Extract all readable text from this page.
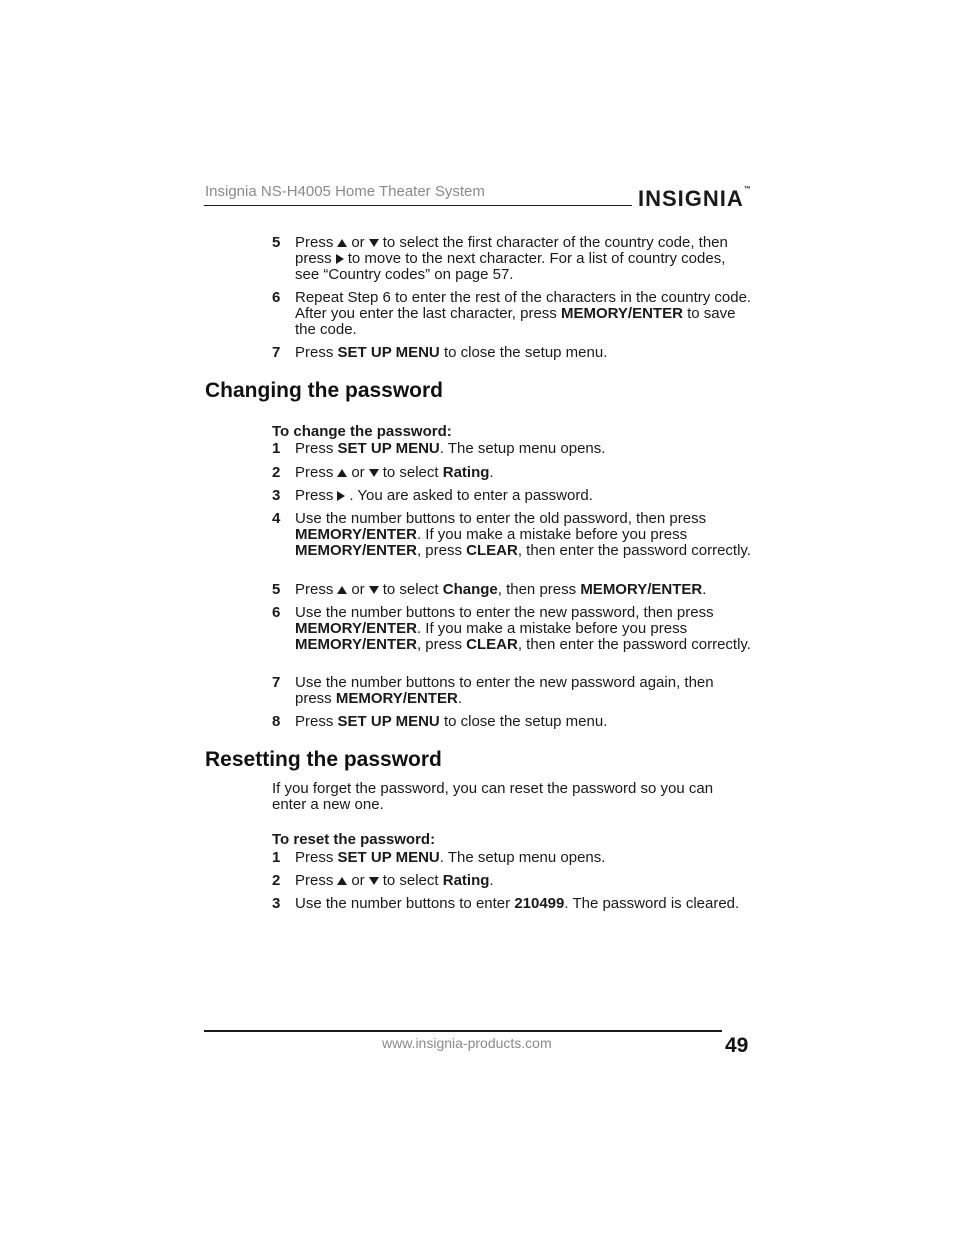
Insignia NS-H4005 Home Theater System	INSIGNIA™
5 Press or to select the first character of the country code, then press to move to the next character. For a list of country codes, see “Country codes” on page 57.
6 Repeat Step 6 to enter the rest of the characters in the country code. After you enter the last character, press MEMORY/ENTER to save the code.
7 Press SET UP MENU to close the setup menu.
Changing the password
To change the password:
1 Press SET UP MENU. The setup menu opens.
2 Press or to select Rating.
3 Press . You are asked to enter a password.
4 Use the number buttons to enter the old password, then press MEMORY/ENTER. If you make a mistake before you press MEMORY/ENTER, press CLEAR, then enter the password correctly.
5 Press or to select Change, then press MEMORY/ENTER.
6 Use the number buttons to enter the new password, then press MEMORY/ENTER. If you make a mistake before you press MEMORY/ENTER, press CLEAR, then enter the password correctly.
7 Use the number buttons to enter the new password again, then press MEMORY/ENTER.
8 Press SET UP MENU to close the setup menu.
Resetting the password
If you forget the password, you can reset the password so you can enter a new one.
To reset the password:
1 Press SET UP MENU. The setup menu opens.
2 Press or to select Rating.
3 Use the number buttons to enter 210499. The password is cleared.
www.insignia-products.com	49
